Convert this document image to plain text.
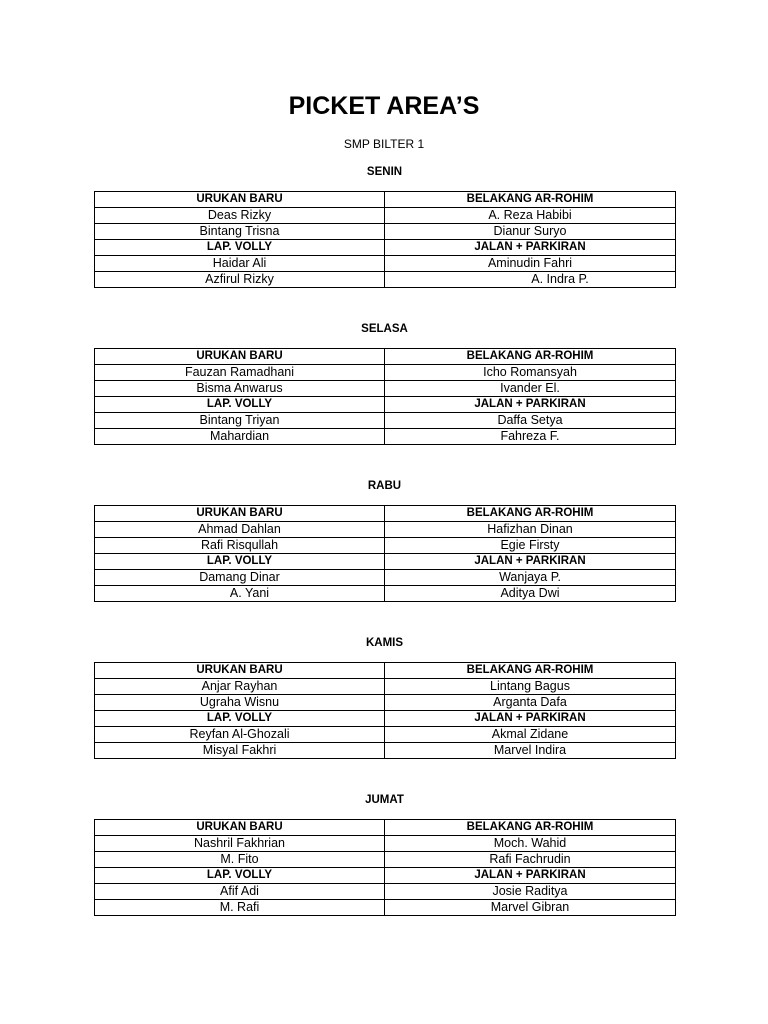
PICKET AREA’S
SMP BILTER 1
SENIN
URUKAN BARU	BELAKANG AR-ROHIM
Deas Rizky	A. Reza Habibi
Bintang Trisna	Dianur Suryo
LAP. VOLLY	JALAN + PARKIRAN
Haidar Ali	Aminudin Fahri
Azfirul Rizky	A. Indra P.
SELASA
URUKAN BARU	BELAKANG AR-ROHIM
Fauzan Ramadhani	Icho Romansyah
Bisma Anwarus	Ivander El.
LAP. VOLLY	JALAN + PARKIRAN
Bintang Triyan	Daffa Setya
Mahardian	Fahreza F.
RABU
URUKAN BARU	BELAKANG AR-ROHIM
Ahmad Dahlan	Hafizhan Dinan
Rafi Risqullah	Egie Firsty
LAP. VOLLY	JALAN + PARKIRAN
Damang Dinar	Wanjaya P.
A. Yani	Aditya Dwi
KAMIS
URUKAN BARU	BELAKANG AR-ROHIM
Anjar Rayhan	Lintang Bagus
Ugraha Wisnu	Arganta Dafa
LAP. VOLLY	JALAN + PARKIRAN
Reyfan Al-Ghozali	Akmal Zidane
Misyal Fakhri	Marvel Indira
JUMAT
URUKAN BARU	BELAKANG AR-ROHIM
Nashril Fakhrian	Moch. Wahid
M. Fito	Rafi Fachrudin
LAP. VOLLY	JALAN + PARKIRAN
Afif Adi	Josie Raditya
M. Rafi	Marvel Gibran
